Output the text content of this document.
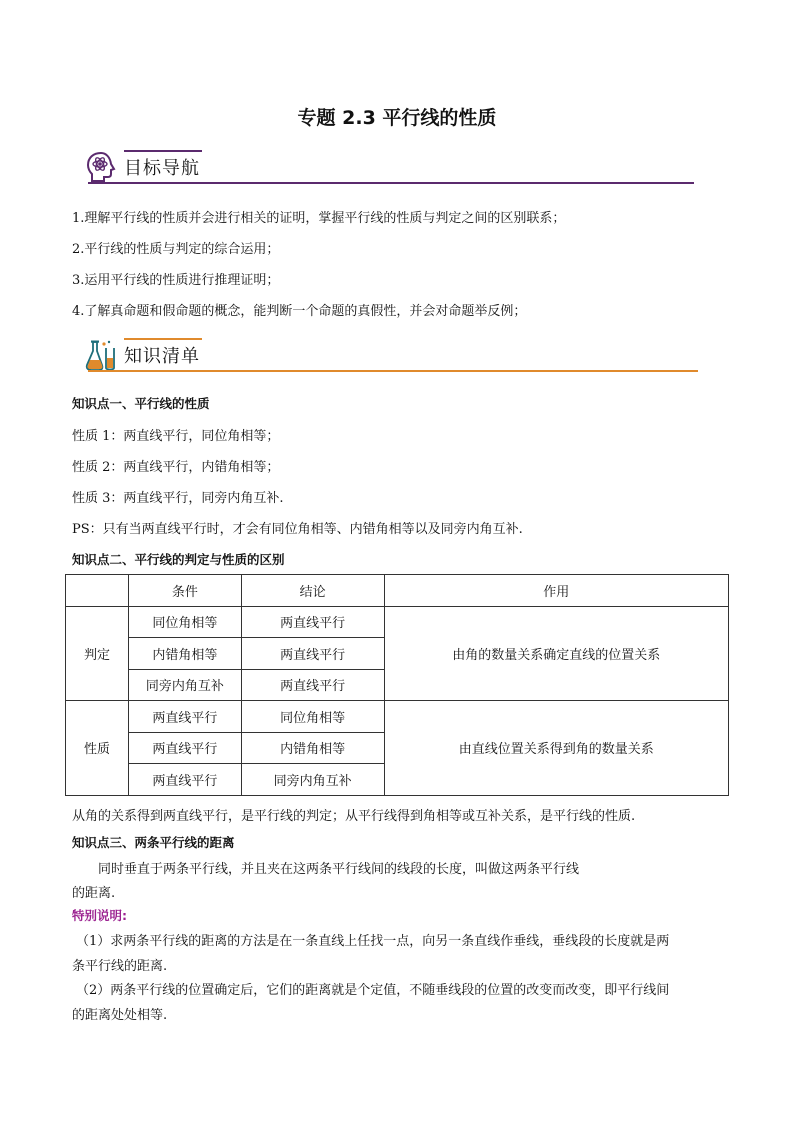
专题 2.3 平行线的性质
目标导航
1.理解平行线的性质并会进行相关的证明，掌握平行线的性质与判定之间的区别联系；
2.平行线的性质与判定的综合运用；
3.运用平行线的性质进行推理证明；
4.了解真命题和假命题的概念，能判断一个命题的真假性，并会对命题举反例；
知识清单
知识点一、平行线的性质
性质 1：两直线平行，同位角相等；
性质 2：两直线平行，内错角相等；
性质 3：两直线平行，同旁内角互补.
PS：只有当两直线平行时，才会有同位角相等、内错角相等以及同旁内角互补.
知识点二、平行线的判定与性质的区别
	条件	结论	作用
判定	同位角相等	两直线平行	由角的数量关系确定直线的位置关系
	内错角相等	两直线平行	
	同旁内角互补	两直线平行	
性质	两直线平行	同位角相等	由直线位置关系得到角的数量关系
	两直线平行	内错角相等	
	两直线平行	同旁内角互补	
从角的关系得到两直线平行，是平行线的判定；从平行线得到角相等或互补关系，是平行线的性质.
知识点三、两条平行线的距离
同时垂直于两条平行线，并且夹在这两条平行线间的线段的长度，叫做这两条平行线
的距离.
特别说明:
（1）求两条平行线的距离的方法是在一条直线上任找一点，向另一条直线作垂线，垂线段的长度就是两
条平行线的距离.
（2）两条平行线的位置确定后，它们的距离就是个定值，不随垂线段的位置的改变而改变，即平行线间
的距离处处相等.
